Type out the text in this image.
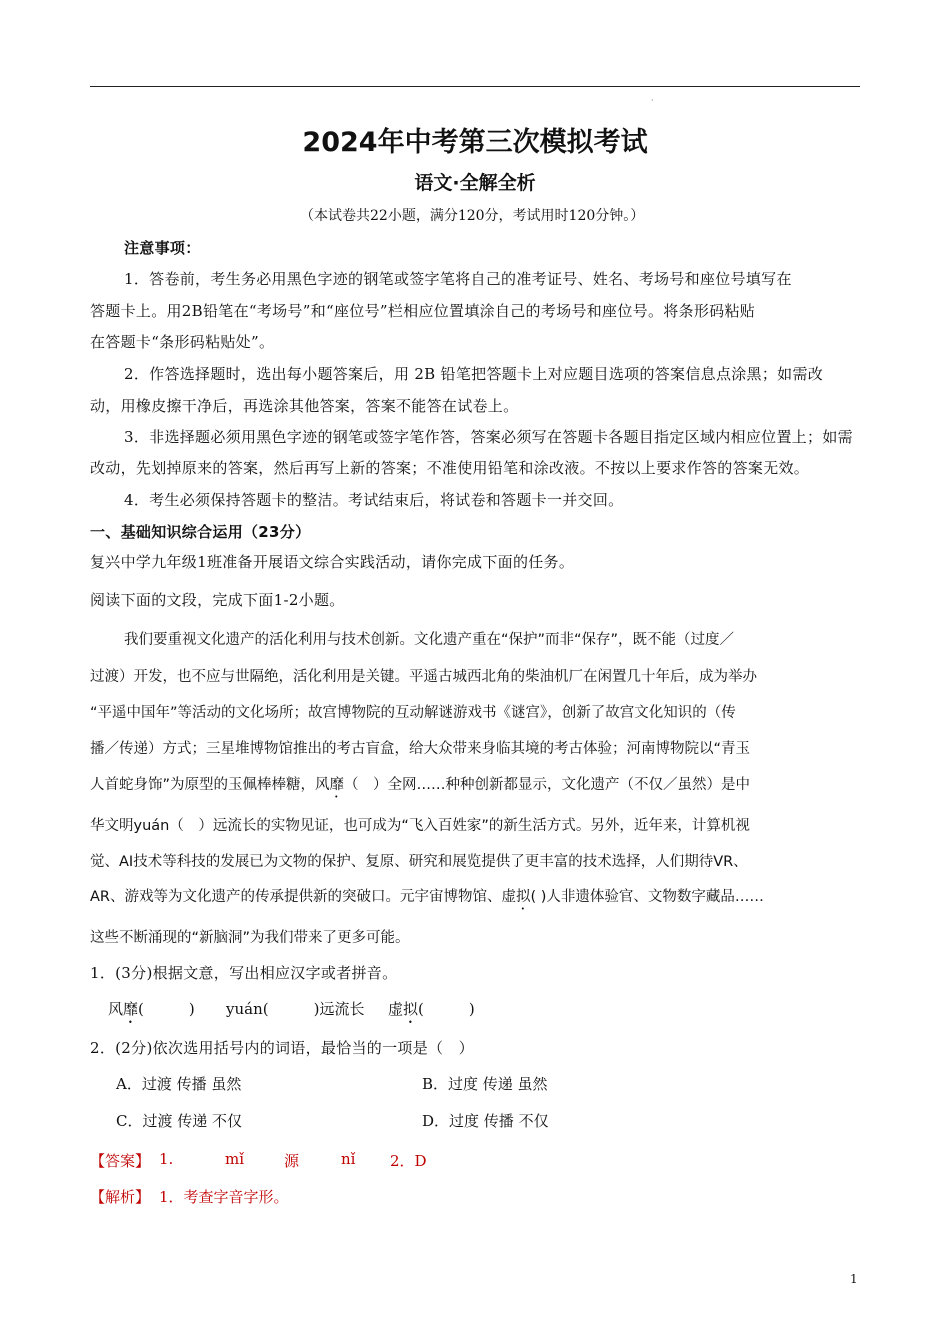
·
2024年中考第三次模拟考试
语文·全解全析
（本试卷共22小题，满分120分，考试用时120分钟。）
注意事项：
1．答卷前，考生务必用黑色字迹的钢笔或签字笔将自己的准考证号、姓名、考场号和座位号填写在
答题卡上。用2B铅笔在“考场号”和“座位号”栏相应位置填涂自己的考场号和座位号。将条形码粘贴
在答题卡“条形码粘贴处”。
2．作答选择题时，选出每小题答案后，用 2B 铅笔把答题卡上对应题目选项的答案信息点涂黑；如需改
动，用橡皮擦干净后，再选涂其他答案，答案不能答在试卷上。
3．非选择题必须用黑色字迹的钢笔或签字笔作答，答案必须写在答题卡各题目指定区域内相应位置上；如需
改动，先划掉原来的答案，然后再写上新的答案；不准使用铅笔和涂改液。不按以上要求作答的答案无效。
4．考生必须保持答题卡的整洁。考试结束后，将试卷和答题卡一并交回。
一、基础知识综合运用（23分）
复兴中学九年级1班准备开展语文综合实践活动，请你完成下面的任务。
阅读下面的文段，完成下面1-2小题。
我们要重视文化遗产的活化利用与技术创新。文化遗产重在“保护”而非“保存”，既不能（过度／
过渡）开发，也不应与世隔绝，活化利用是关键。平遥古城西北角的柴油机厂在闲置几十年后，成为举办
“平遥中国年”等活动的文化场所；故宫博物院的互动解谜游戏书《谜宫》，创新了故宫文化知识的（传
播／传递）方式；三星堆博物馆推出的考古盲盒，给大众带来身临其境的考古体验；河南博物院以“青玉
人首蛇身饰”为原型的玉佩棒棒糖，风靡（　）全网……种种创新都显示，文化遗产（不仅／虽然）是中
华文明yuán（　）远流长的实物见证，也可成为“飞入百姓家”的新生活方式。另外，近年来，计算机视
觉、AI技术等科技的发展已为文物的保护、复原、研究和展览提供了更丰富的技术选择，人们期待VR、
AR、游戏等为文化遗产的传承提供新的突破口。元宇宙博物馆、虚拟( )人非遗体验官、文物数字藏品……
这些不断涌现的“新脑洞”为我们带来了更多可能。
1．(3分)根据文意，写出相应汉字或者拼音。
风靡(　　　) yuán(　　　)远流长 虚拟(　　　)
2．(2分)依次选用括号内的词语，最恰当的一项是（　）
A．过渡 传播 虽然	B．过度 传递 虽然
C．过渡 传递 不仅	D．过度 传播 不仅
【答案】 1.	mǐ	源	nǐ 2．D
【解析】 1．考查字音字形。
1
